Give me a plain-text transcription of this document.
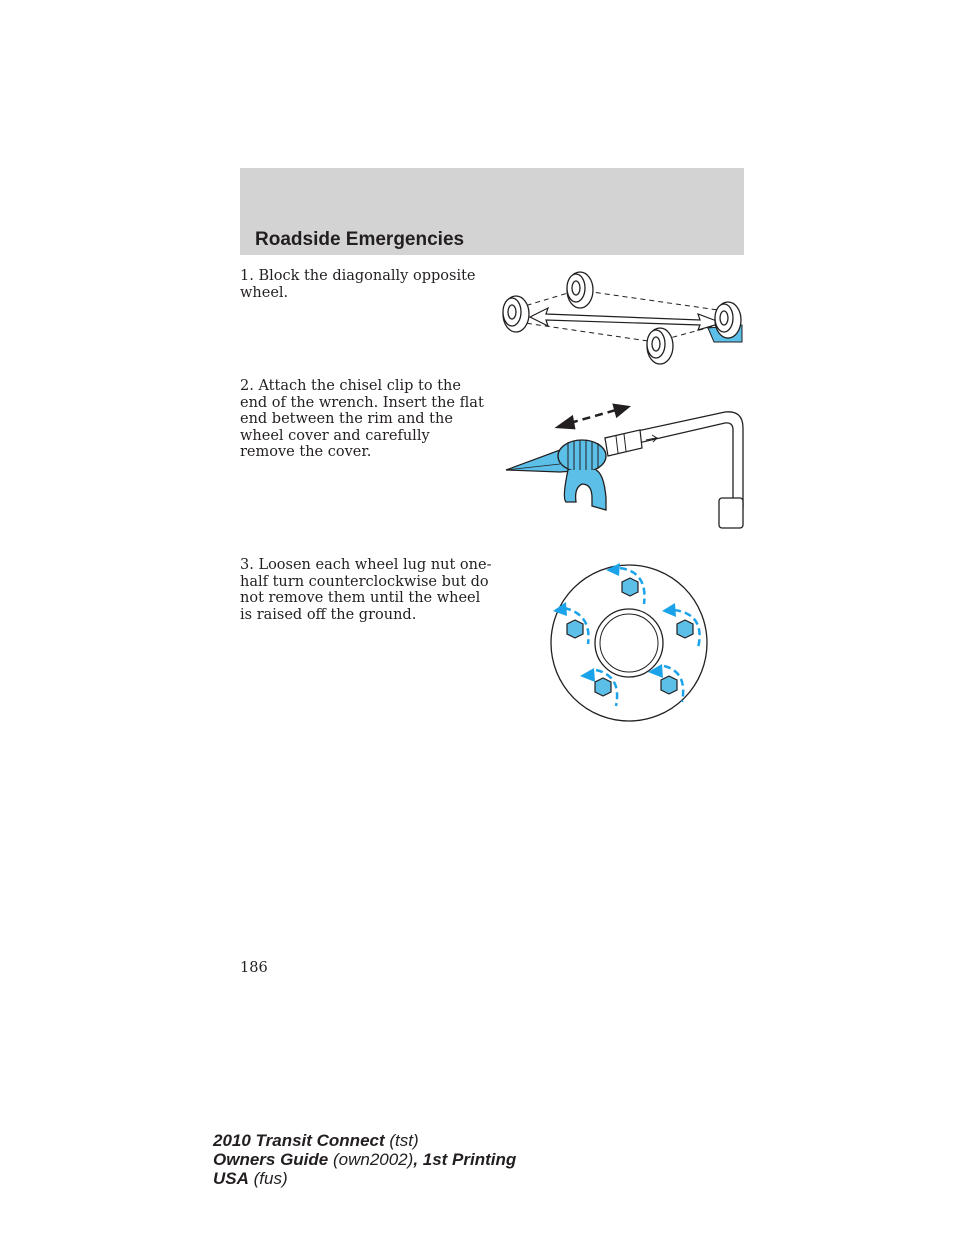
Roadside Emergencies
1. Block the diagonally opposite wheel.
2. Attach the chisel clip to the end of the wrench. Insert the flat end between the rim and the wheel cover and carefully remove the cover.
3. Loosen each wheel lug nut one-half turn counterclockwise but do not remove them until the wheel is raised off the ground.
186
2010 Transit Connect (tst)
Owners Guide (own2002), 1st Printing
USA (fus)
